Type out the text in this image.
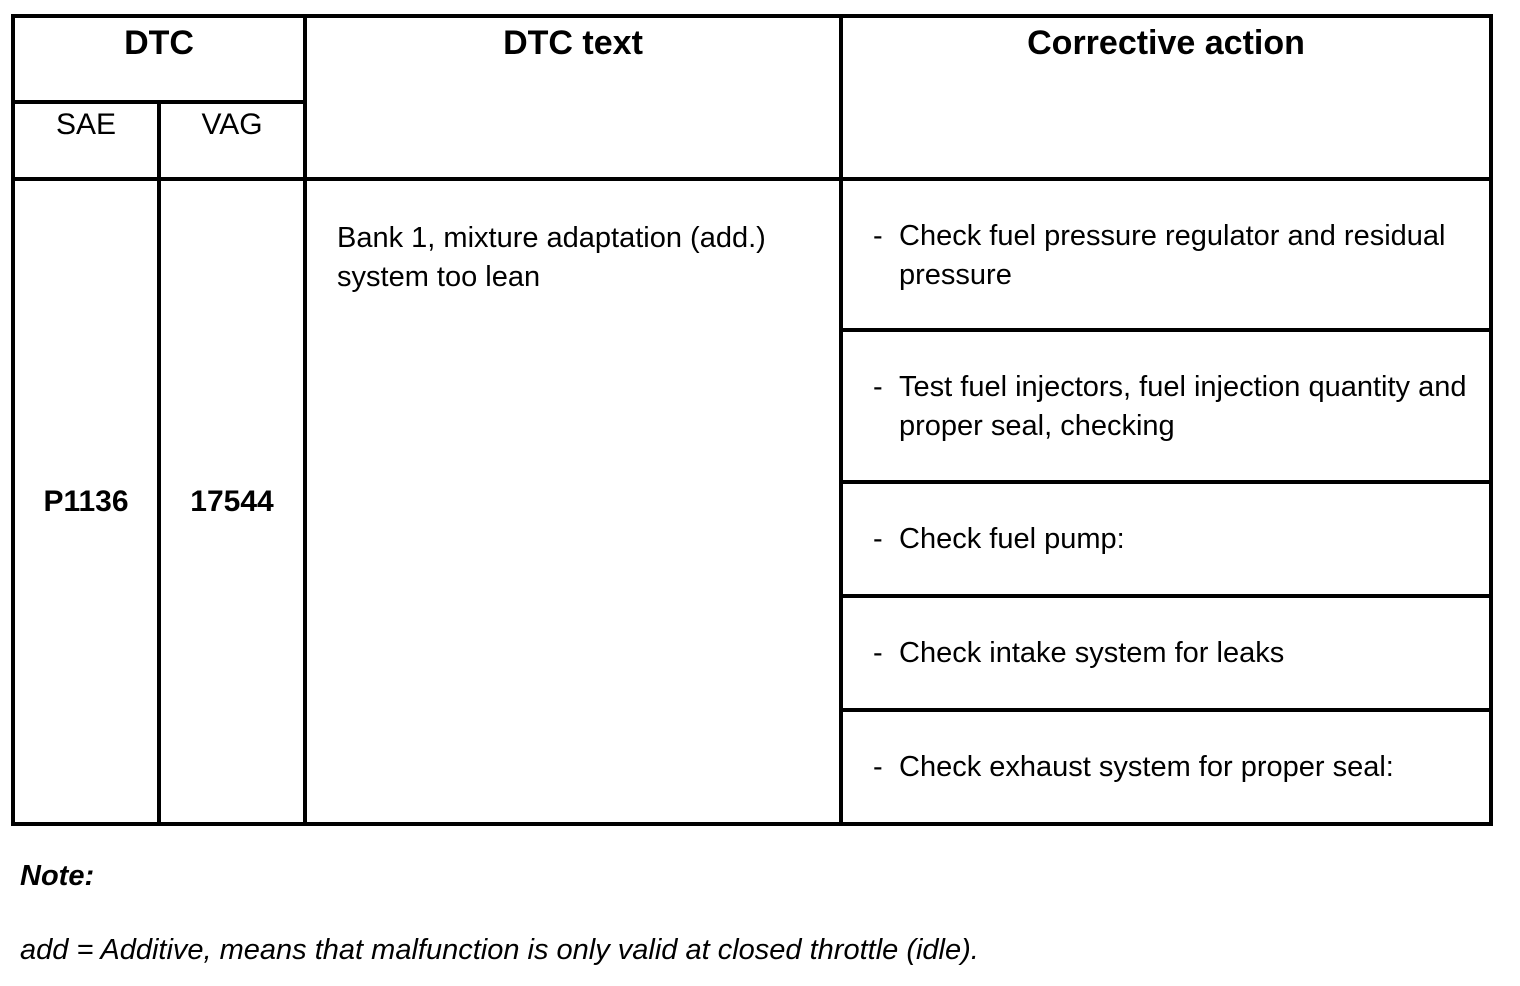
DTC		DTC text	Corrective action
SAE	VAG		
P1136	17544	Bank 1, mixture adaptation (add.) system too lean	- Check fuel pressure regulator and residual pressure

			- Test fuel injectors, fuel injection quantity and proper seal, checking

			- Check fuel pump:

			- Check intake system for leaks

			- Check exhaust system for proper seal:
Note:
add = Additive, means that malfunction is only valid at closed throttle (idle).
